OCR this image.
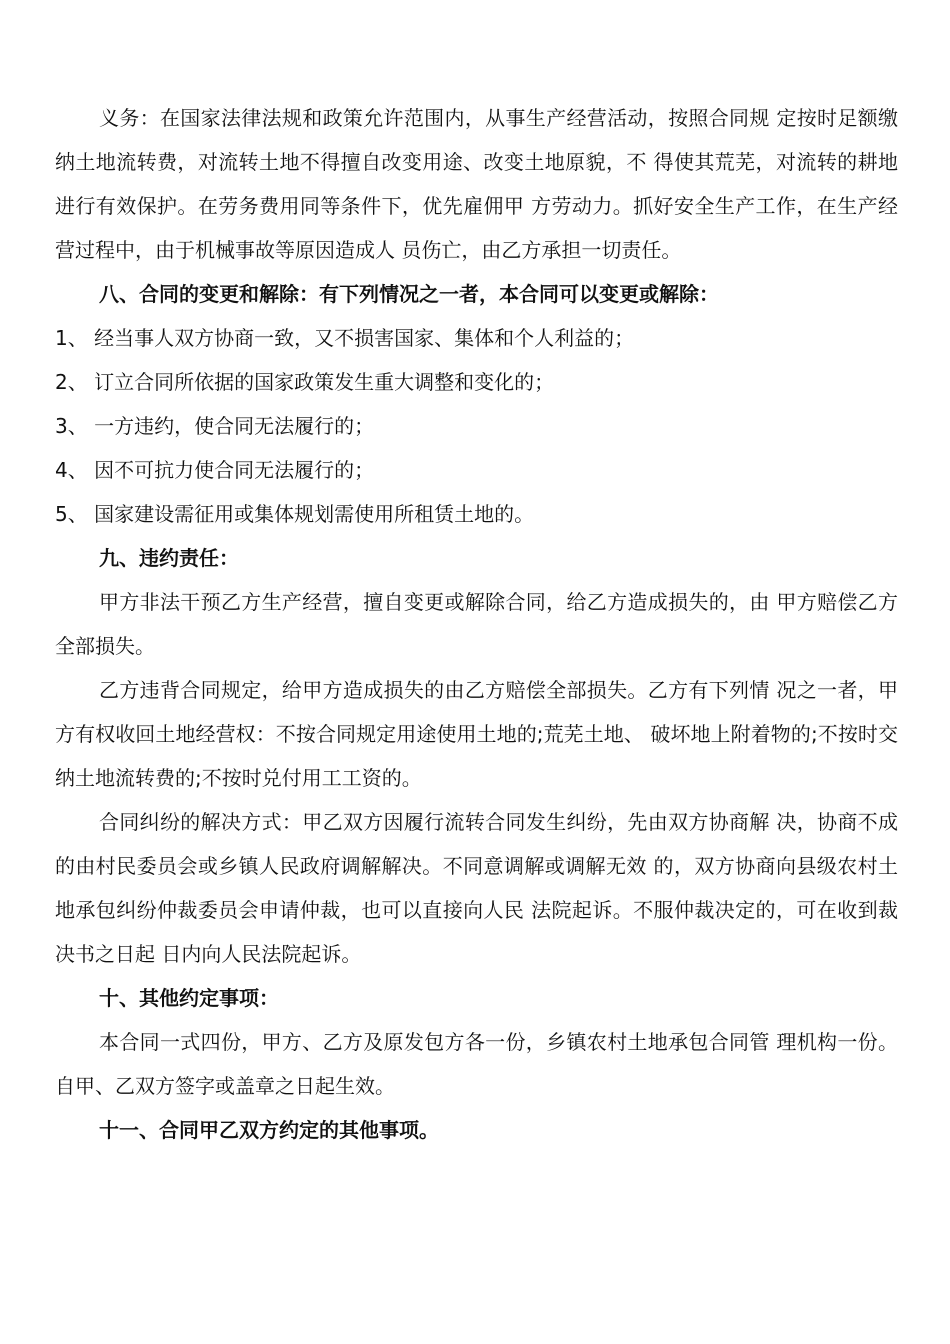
义务：在国家法律法规和政策允许范围内，从事生产经营活动，按照合同规 定按时足额缴纳土地流转费，对流转土地不得擅自改变用途、改变土地原貌，不 得使其荒芜，对流转的耕地进行有效保护。在劳务费用同等条件下，优先雇佣甲 方劳动力。抓好安全生产工作，在生产经营过程中，由于机械事故等原因造成人 员伤亡，由乙方承担一切责任。

八、合同的变更和解除：有下列情况之一者，本合同可以变更或解除：

1、 经当事人双方协商一致，又不损害国家、集体和个人利益的；

2、 订立合同所依据的国家政策发生重大调整和变化的；

3、 一方违约，使合同无法履行的；

4、 因不可抗力使合同无法履行的；

5、 国家建设需征用或集体规划需使用所租赁土地的。

九、违约责任：

甲方非法干预乙方生产经营，擅自变更或解除合同，给乙方造成损失的，由 甲方赔偿乙方全部损失。

乙方违背合同规定，给甲方造成损失的由乙方赔偿全部损失。乙方有下列情 况之一者，甲方有权收回土地经营权：不按合同规定用途使用土地的;荒芜土地、 破坏地上附着物的;不按时交纳土地流转费的;不按时兑付用工工资的。

合同纠纷的解决方式：甲乙双方因履行流转合同发生纠纷，先由双方协商解 决，协商不成的由村民委员会或乡镇人民政府调解解决。不同意调解或调解无效 的，双方协商向县级农村土地承包纠纷仲裁委员会申请仲裁，也可以直接向人民 法院起诉。不服仲裁决定的，可在收到裁决书之日起 日内向人民法院起诉。

十、其他约定事项：

本合同一式四份，甲方、乙方及原发包方各一份，乡镇农村土地承包合同管 理机构一份。自甲、乙双方签字或盖章之日起生效。

十一、合同甲乙双方约定的其他事项。
